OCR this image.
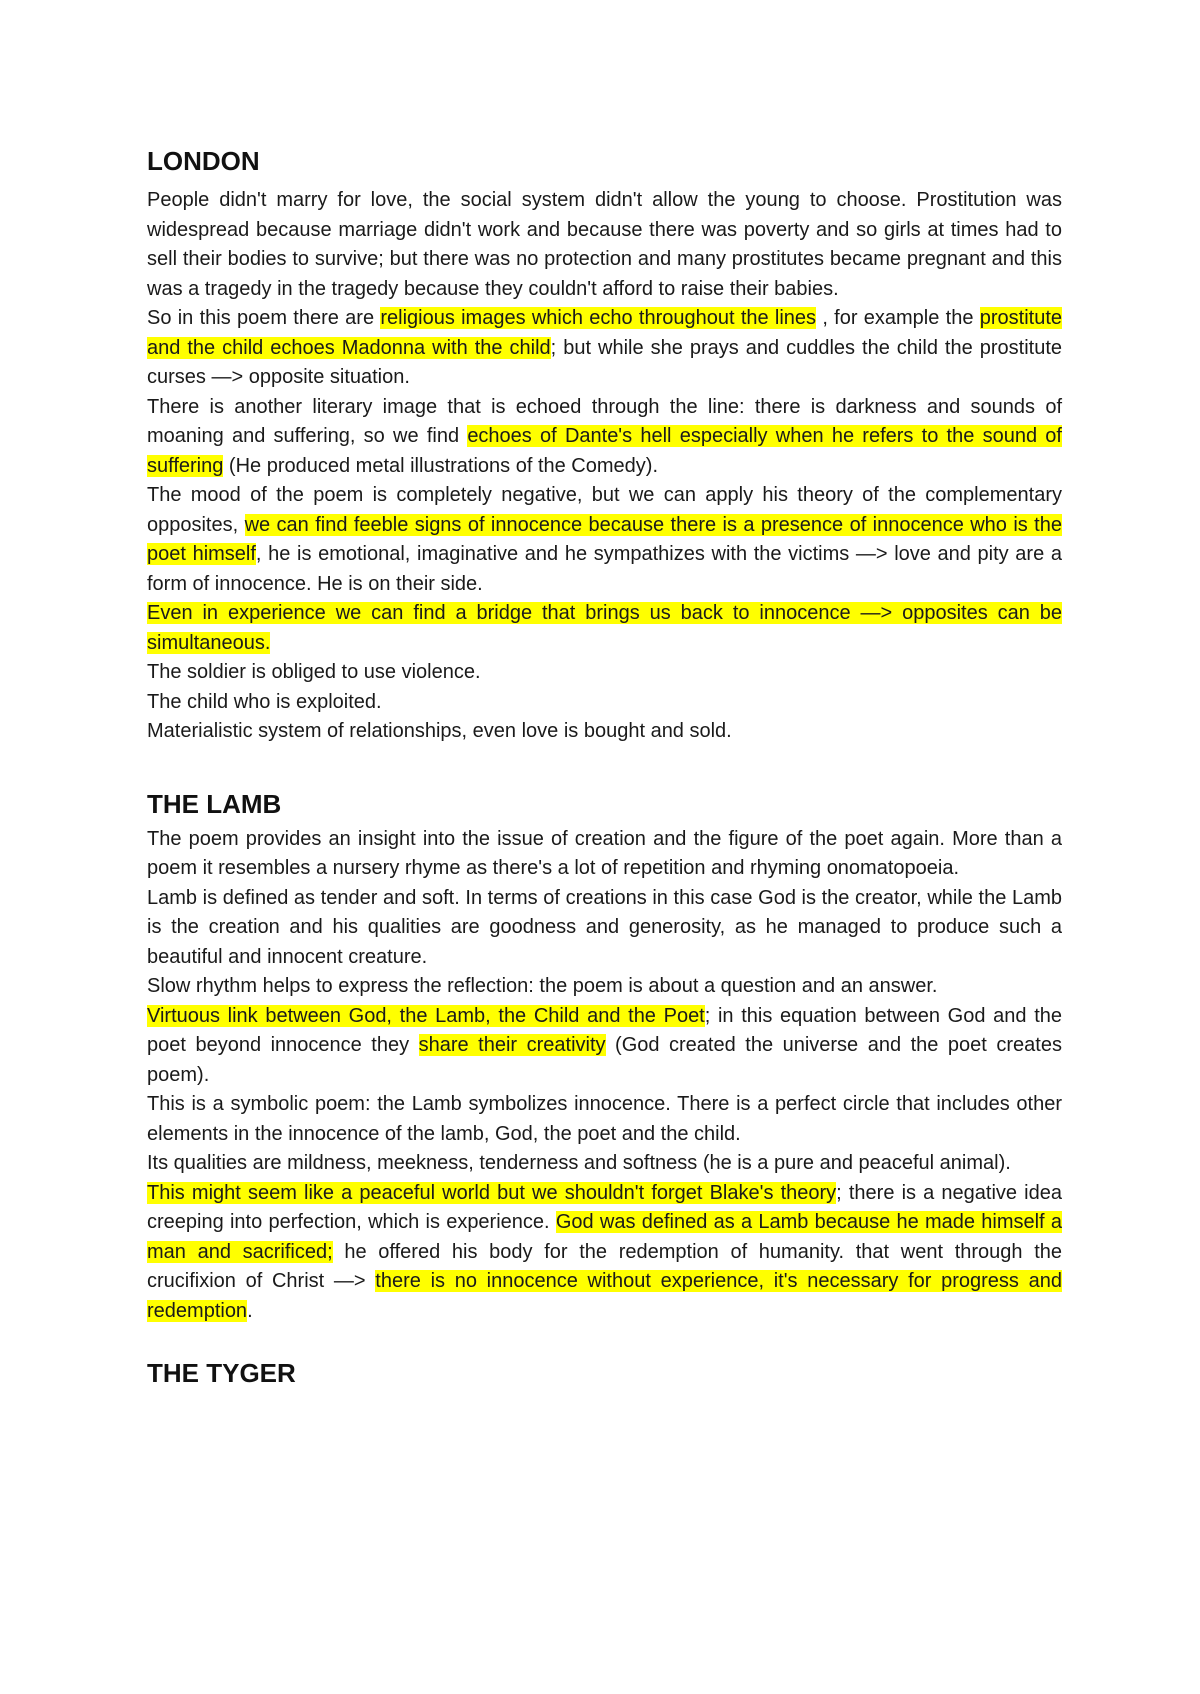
LONDON

People didn't marry for love, the social system didn't allow the young to choose. Prostitution was widespread because marriage didn't work and because there was poverty and so girls at times had to sell their bodies to survive; but there was no protection and many prostitutes became pregnant and this was a tragedy in the tragedy because they couldn't afford to raise their babies.

So in this poem there are religious images which echo throughout the lines , for example the prostitute and the child echoes Madonna with the child; but while she prays and cuddles the child the prostitute curses —> opposite situation.

There is another literary image that is echoed through the line: there is darkness and sounds of moaning and suffering, so we find echoes of Dante's hell especially when he refers to the sound of suffering (He produced metal illustrations of the Comedy).

The mood of the poem is completely negative, but we can apply his theory of the complementary opposites, we can find feeble signs of innocence because there is a presence of innocence who is the poet himself, he is emotional, imaginative and he sympathizes with the victims —> love and pity are a form of innocence. He is on their side.

Even in experience we can find a bridge that brings us back to innocence —> opposites can be simultaneous.

The soldier is obliged to use violence.

The child who is exploited.

Materialistic system of relationships, even love is bought and sold.

THE LAMB

The poem provides an insight into the issue of creation and the figure of the poet again. More than a poem it resembles a nursery rhyme as there's a lot of repetition and rhyming onomatopoeia.

Lamb is defined as tender and soft. In terms of creations in this case God is the creator, while the Lamb is the creation and his qualities are goodness and generosity, as he managed to produce such a beautiful and innocent creature.

Slow rhythm helps to express the reflection: the poem is about a question and an answer.

Virtuous link between God, the Lamb, the Child and the Poet; in this equation between God and the poet beyond innocence they share their creativity (God created the universe and the poet creates poem).

This is a symbolic poem: the Lamb symbolizes innocence. There is a perfect circle that includes other elements in the innocence of the lamb, God, the poet and the child.

Its qualities are mildness, meekness, tenderness and softness (he is a pure and peaceful animal).

This might seem like a peaceful world but we shouldn't forget Blake's theory; there is a negative idea creeping into perfection, which is experience. God was defined as a Lamb because he made himself a man and sacrificed; he offered his body for the redemption of humanity. that went through the crucifixion of Christ —> there is no innocence without experience, it's necessary for progress and redemption.

THE TYGER
